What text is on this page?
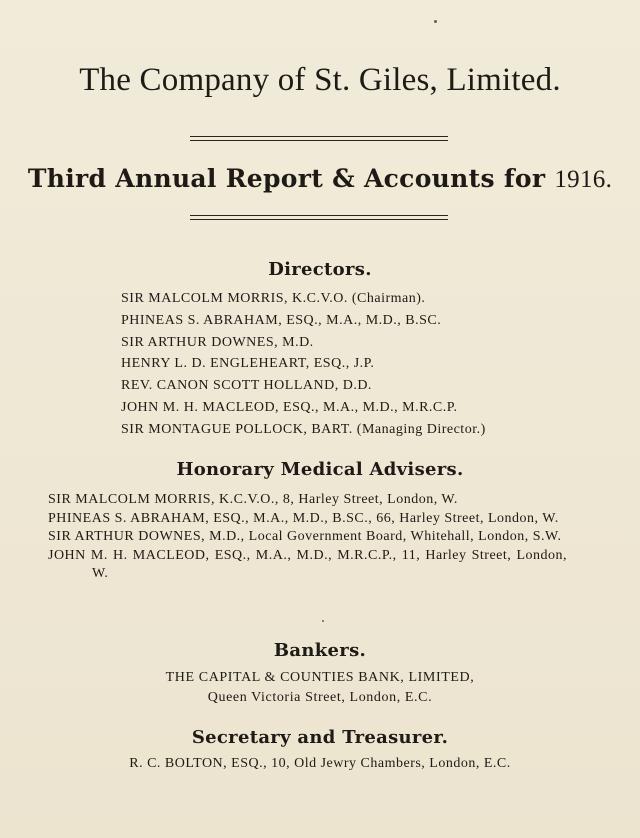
The Company of St. Giles, Limited.
Third Annual Report & Accounts for 1916.
Directors.
SIR MALCOLM MORRIS, K.C.V.O. (Chairman).
PHINEAS S. ABRAHAM, ESQ., M.A., M.D., B.SC.
SIR ARTHUR DOWNES, M.D.
HENRY L. D. ENGLEHEART, ESQ., J.P.
REV. CANON SCOTT HOLLAND, D.D.
JOHN M. H. MACLEOD, ESQ., M.A., M.D., M.R.C.P.
SIR MONTAGUE POLLOCK, BART. (Managing Director.)
Honorary Medical Advisers.
SIR MALCOLM MORRIS, K.C.V.O., 8, Harley Street, London, W.
PHINEAS S. ABRAHAM, ESQ., M.A., M.D., B.SC., 66, Harley Street, London, W.
SIR ARTHUR DOWNES, M.D., Local Government Board, Whitehall, London, S.W.
JOHN M. H. MACLEOD, ESQ., M.A., M.D., M.R.C.P., 11, Harley Street, London, W.
Bankers.
THE CAPITAL & COUNTIES BANK, LIMITED,
Queen Victoria Street, London, E.C.
Secretary and Treasurer.
R. C. BOLTON, ESQ., 10, Old Jewry Chambers, London, E.C.
